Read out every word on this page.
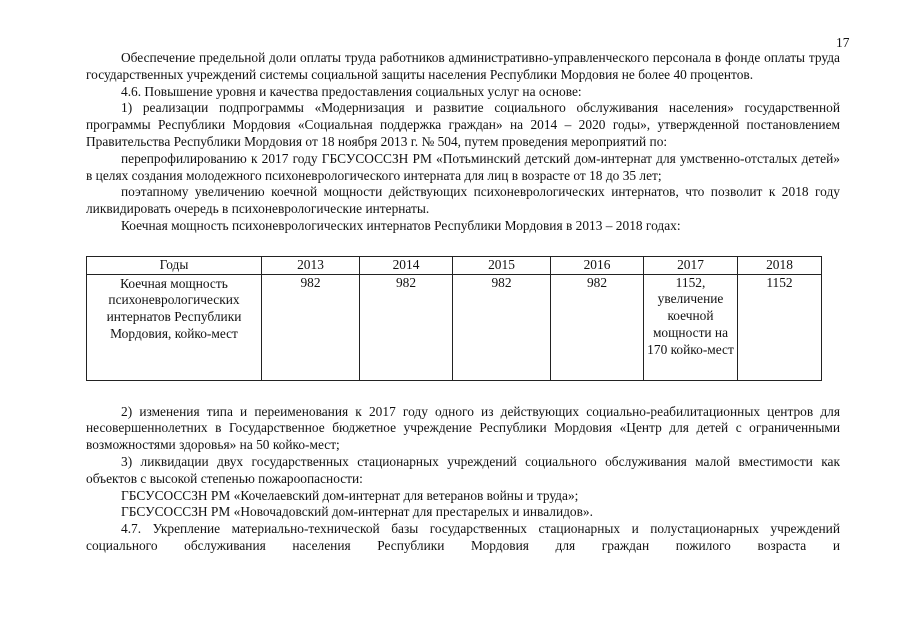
17

Обеспечение предельной доли оплаты труда работников административно-управленческого персонала в фонде оплаты труда государственных учреждений системы социальной защиты населения Республики Мордовия не более 40 процентов.

4.6. Повышение уровня и качества предоставления социальных услуг на основе:

1) реализации подпрограммы «Модернизация и развитие социального обслуживания населения» государственной программы Республики Мордовия «Социальная поддержка граждан» на 2014 – 2020 годы», утвержденной постановлением Правительства Республики Мордовия от 18 ноября 2013 г. № 504, путем проведения мероприятий по:

перепрофилированию к 2017 году ГБСУСОССЗН РМ «Потьминский детский дом-интернат для умственно-отсталых детей» в целях создания молодежного психоневрологического интерната для лиц в возрасте от 18 до 35 лет;

поэтапному увеличению коечной мощности действующих психоневрологических интернатов, что позволит к 2018 году ликвидировать очередь в психоневрологические интернаты.

Коечная мощность психоневрологических интернатов Республики Мордовия в 2013 – 2018 годах:

Годы	2013	2014	2015	2016	2017	2018
Коечная мощность психоневрологических интернатов Республики Мордовия, койко-мест	982	982	982	982	1152, увеличение коечной мощности на 170 койко-мест	1152

2) изменения типа и переименования к 2017 году одного из действующих социально-реабилитационных центров для несовершеннолетних в Государственное бюджетное учреждение Республики Мордовия «Центр для детей с ограниченными возможностями здоровья» на 50 койко-мест;

3) ликвидации двух государственных стационарных учреждений социального обслуживания малой вместимости как объектов с высокой степенью пожароопасности:

ГБСУСОССЗН РМ «Кочелаевский дом-интернат для ветеранов войны и труда»;

ГБСУСОССЗН РМ «Новочадовский дом-интернат для престарелых и инвалидов».

4.7. Укрепление материально-технической базы государственных стационарных и полустационарных учреждений социального обслуживания населения Республики Мордовия для граждан пожилого возраста и
